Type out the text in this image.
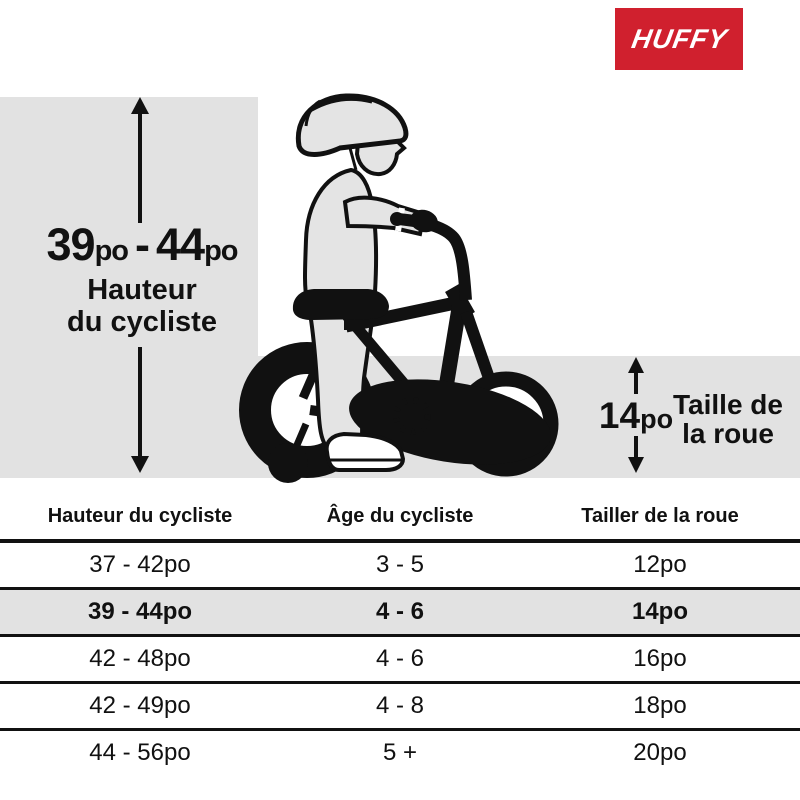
HUFFY
39po - 44po
Hauteur
du cycliste
14po Taille de
la roue
Hauteur du cycliste	Âge du cycliste	Tailler de la roue
37 - 42po	3 - 5	12po
39 - 44po	4 - 6	14po
42 - 48po	4 - 6	16po
42 - 49po	4 - 8	18po
44 - 56po	5 +	20po
